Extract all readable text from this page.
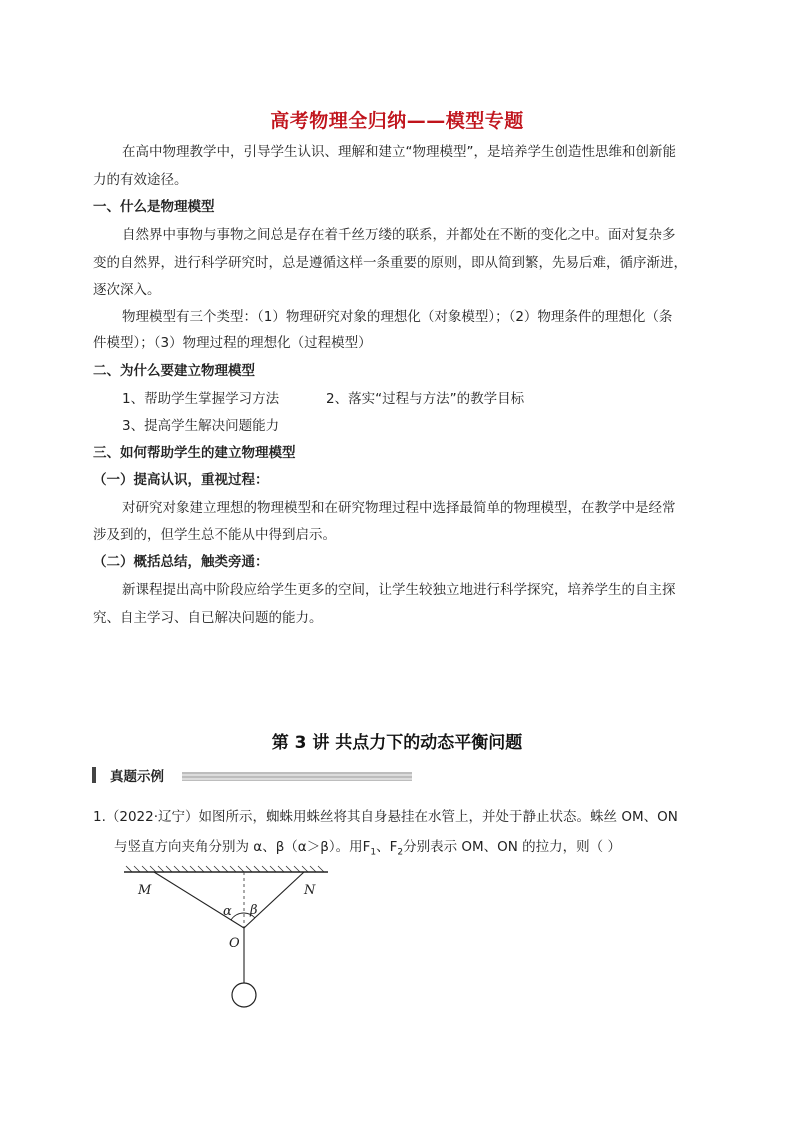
高考物理全归纳——模型专题
在高中物理教学中，引导学生认识、理解和建立“物理模型”，是培养学生创造性思维和创新能
力的有效途径。
一、什么是物理模型
自然界中事物与事物之间总是存在着千丝万缕的联系，并都处在不断的变化之中。面对复杂多
变的自然界，进行科学研究时，总是遵循这样一条重要的原则，即从简到繁，先易后难，循序渐进，
逐次深入。
物理模型有三个类型：（1）物理研究对象的理想化（对象模型）；（2）物理条件的理想化（条
件模型）；（3）物理过程的理想化（过程模型）
二、为什么要建立物理模型
1、帮助学生掌握学习方法	2、落实“过程与方法”的教学目标
3、提高学生解决问题能力
三、如何帮助学生的建立物理模型
（一）提高认识，重视过程：
对研究对象建立理想的物理模型和在研究物理过程中选择最简单的物理模型，在教学中是经常
涉及到的，但学生总不能从中得到启示。
（二）概括总结，触类旁通：
新课程提出高中阶段应给学生更多的空间，让学生较独立地进行科学探究，培养学生的自主探
究、自主学习、自已解决问题的能力。
第 3 讲 共点力下的动态平衡问题
真题示例
1.（2022·辽宁）如图所示，蜘蛛用蛛丝将其自身悬挂在水管上，并处于静止状态。蛛丝 OM、ON
与竖直方向夹角分别为 α、β（α＞β）。用$F_1$、$F_2$分别表示 OM、ON 的拉力，则（ ）
M	N
O
α β
